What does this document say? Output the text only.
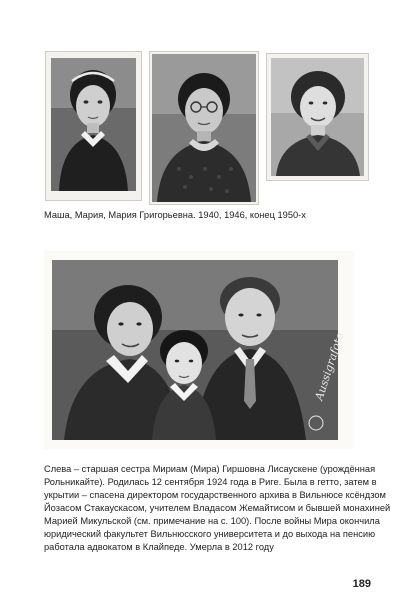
Маша, Мария, Мария Григорьевна. 1940, 1946, конец 1950-х

Aussigrafoto

Слева – старшая сестра Мириам (Мира) Гиршовна Лисаускене (урождённая
Рольникайте). Родилась 12 сентября 1924 года в Риге. Была в гетто, затем в
укрытии – спасена директором государственного архива в Вильнюсе ксёндзом
Йозасом Стакаускасом, учителем Владасом Жемайтисом и бывшей монахиней
Марией Микульской (см. примечание на с. 100). После войны Мира окончила
юридический факультет Вильнюсского университета и до выхода на пенсию
работала адвокатом в Клайпеде. Умерла в 2012 году

189
